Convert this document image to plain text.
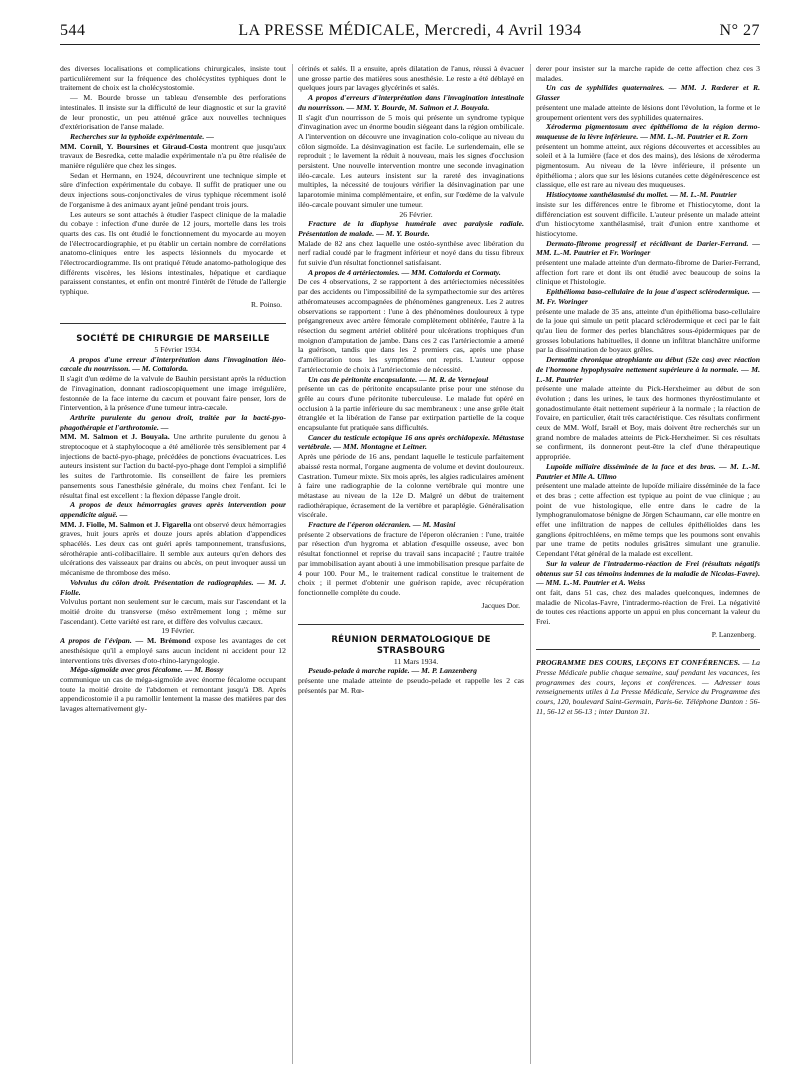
544	LA PRESSE MÉDICALE, Mercredi, 4 Avril 1934	N° 27

des diverses localisations et complications chirurgicales, insiste tout particulièrement sur la fréquence des cholécystites typhiques dont le traitement de choix est la cholécystostomie.

— M. Bourde brosse un tableau d'ensemble des perforations intestinales. Il insiste sur la difficulté de leur diagnostic et sur la gravité de leur pronostic, un peu atténué grâce aux nouvelles techniques d'extériorisation de l'anse malade.

Recherches sur la typhoïde expérimentale. —

MM. Cornil, Y. Boursines et Giraud-Costa montrent que jusqu'aux travaux de Besredka, cette maladie expérimentale n'a pu être réalisée de manière régulière que chez les singes.

Sedan et Hermann, en 1924, découvrirent une technique simple et sûre d'infection expérimentale du cobaye. Il suffit de pratiquer une ou deux injections sous-conjonctivales de virus typhique récemment isolé de l'organisme à des animaux ayant jeûné pendant trois jours.

Les auteurs se sont attachés à étudier l'aspect clinique de la maladie du cobaye : infection d'une durée de 12 jours, mortelle dans les trois quarts des cas. Ils ont étudié le fonctionnement du myocarde au moyen de l'électrocardiographie, et pu établir un certain nombre de corrélations anatomo-cliniques entre les aspects lésionnels du myocarde et l'électrocardiogramme. Ils ont pratiqué l'étude anatomo-pathologique des différents viscères, les lésions intestinales, hépatique et cardiaque paraissent constantes, et enfin ont montré l'intérêt de l'étude de l'allergie typhique.

R. Poinso.
SOCIÉTÉ DE CHIRURGIE DE MARSEILLE

5 Février 1934.

A propos d'une erreur d'interprétation dans l'invagination iléo-cæcale du nourrisson. — M. Cottalorda.

Il s'agit d'un œdème de la valvule de Bauhin persistant après la réduction de l'invagination, donnant radioscopiquement une image irrégulière, festonnée de la face interne du cæcum et pouvant faire penser, lors de l'intervention, à la présence d'une tumeur intra-cæcale.

Arthrite purulente du genou droit, traitée par la bacté-pyo-phagothérapie et l'arthrotomie. —

MM. M. Salmon et J. Bouyala. Une arthrite purulente du genou à streptocoque et à staphylocoque a été améliorée très sensiblement par 4 injections de bacté-pyo-phage, précédées de ponctions évacuatrices. Les auteurs insistent sur l'action du bacté-pyo-phage dont l'emploi a simplifié les suites de l'arthrotomie. Ils conseillent de faire les premiers pansements sous l'anesthésie générale, du moins chez l'enfant. Ici le résultat final est excellent : la flexion dépasse l'angle droit.

A propos de deux hémorragies graves après intervention pour appendicite aiguë. —

MM. J. Fiolle, M. Salmon et J. Figarella ont observé deux hémorragies graves, huit jours après et douze jours après ablation d'appendices sphacélés. Les deux cas ont guéri après tamponnement, transfusions, sérothérapie anti-colibacillaire. Il semble aux auteurs qu'en dehors des ulcérations des vaisseaux par drains ou abcès, on peut invoquer aussi un mécanisme de thrombose des méso.

Volvulus du côlon droit. Présentation de radiographies. — M. J. Fiolle.

Volvulus portant non seulement sur le cæcum, mais sur l'ascendant et la moitié droite du transverse (méso extrêmement long ; même sur l'ascendant). Cette variété est rare, et diffère des volvulus cæcaux.

19 Février.

A propos de l'évipan. — M. Brémond expose les avantages de cet anesthésique qu'il a employé sans aucun incident ni accident pour 12 interventions très diverses d'oto-rhino-laryngologie.

Méga-sigmoïde avec gros fécalome. — M. Bossy

communique un cas de méga-sigmoïde avec énorme fécalome occupant toute la moitié droite de l'abdomen et remontant jusqu'à D8. Après appendicostomie il a pu ramollir lentement la masse des matières par des lavages alternativement gly-

cérinés et salés. Il a ensuite, après dilatation de l'anus, réussi à évacuer une grosse partie des matières sous anesthésie. Le reste a été déblayé en quelques jours par lavages glycérinés et salés.

A propos d'erreurs d'interprétation dans l'invagination intestinale du nourrisson. — MM. Y. Bourde, M. Salmon et J. Bouyala.

Il s'agit d'un nourrisson de 5 mois qui présente un syndrome typique d'invagination avec un énorme boudin siégeant dans la région ombilicale. A l'intervention on découvre une invagination colo-colique au niveau du côlon sigmoïde. La désinvagination est facile. Le surlendemain, elle se reproduit ; le lavement la réduit à nouveau, mais les signes d'occlusion persistent. Une nouvelle intervention montre une seconde invagination iléo-cæcale. Les auteurs insistent sur la rareté des invaginations multiples, la nécessité de toujours vérifier la désinvagination par une laparotomie minima complémentaire, et enfin, sur l'œdème de la valvule iléo-cæcale pouvant simuler une tumeur.

26 Février.

Fracture de la diaphyse humérale avec paralysie radiale. Présentation de malade. — M. Y. Bourde.

Malade de 82 ans chez laquelle une ostéo-synthèse avec libération du nerf radial coudé par le fragment inférieur et noyé dans du tissu fibreux fut suivie d'un résultat fonctionnel satisfaisant.

A propos de 4 artériectomies. — MM. Cottalorda et Cormaty.

De ces 4 observations, 2 se rapportent à des artériectomies nécessitées par des accidents ou l'impossibilité de la sympathectomie sur des artères athéromateuses accompagnées de phénomènes gangreneux. Les 2 autres observations se rapportent : l'une à des phénomènes douloureux à type prégangreneux avec artère fémorale complètement oblitérée, l'autre à la résection du segment artériel oblitéré pour ulcérations trophiques d'un moignon d'amputation de jambe. Dans ces 2 cas l'artériectomie a amené la guérison, tandis que dans les 2 premiers cas, après une phase d'amélioration tous les symptômes ont repris. L'auteur oppose l'artériectomie de choix à l'artériectomie de nécessité.

Un cas de péritonite encapsulante. — M. R. de Vernejoul

présente un cas de péritonite encapsulante prise pour une sténose du grêle au cours d'une péritonite tuberculeuse. Le malade fut opéré en occlusion à la partie inférieure du sac membraneux : une anse grêle était étranglée et la libération de l'anse par extirpation partielle de la coque encapsulante fut pratiquée sans difficultés.

Cancer du testicule ectopique 16 ans après orchidopexie. Métastase vertébrale. — MM. Montagne et Leitner.

Après une période de 16 ans, pendant laquelle le testicule parfaitement abaissé resta normal, l'organe augmenta de volume et devint douloureux. Castration. Tumeur mixte. Six mois après, les algies radiculaires amènent à faire une radiographie de la colonne vertébrale qui montre une métastase au niveau de la 12e D. Malgré un début de traitement radiothérapique, écrasement de la vertèbre et paraplégie. Généralisation viscérale.

Fracture de l'éperon olécranien. — M. Masini

présente 2 observations de fracture de l'éperon olécranien : l'une, traitée par résection d'un hygroma et ablation d'esquille osseuse, avec bon résultat fonctionnel et reprise du travail sans incapacité ; l'autre traitée par immobilisation ayant abouti à une immobilisation presque parfaite de 4 pour 100. Pour M., le traitement radical constitue le traitement de choix ; il permet d'obtenir une guérison rapide, avec récupération fonctionnelle complète du coude.

Jacques Dor.
RÉUNION DERMATOLOGIQUE DE STRASBOURG

11 Mars 1934.

Pseudo-pelade à marche rapide. — M. P. Lanzenberg

présente une malade atteinte de pseudo-pelade et rappelle les 2 cas présentés par M. Rœ-

derer pour insister sur la marche rapide de cette affection chez ces 3 malades.

Un cas de syphilides quaternaires. — MM. J. Rœderer et R. Glasser

présentent une malade atteinte de lésions dont l'évolution, la forme et le groupement orientent vers des syphilides quaternaires.

Xéroderma pigmentosum avec épithélioma de la région dermo-muqueuse de la lèvre inférieure. — MM. L.-M. Pautrier et R. Zorn

présentent un homme atteint, aux régions découvertes et accessibles au soleil et à la lumière (face et dos des mains), des lésions de xéroderma pigmentosum. Au niveau de la lèvre inférieure, il présente un épithélioma ; alors que sur les lésions cutanées cette dégénérescence est classique, elle est rare au niveau des muqueuses.

Histiocytome xanthélasmisé du mollet. — M. L.-M. Pautrier

insiste sur les différences entre le fibrome et l'histiocytome, dont la différenciation est souvent difficile. L'auteur présente un malade atteint d'un histiocytome xanthélasmisé, trait d'union entre xanthome et histiocytome.

Dermato-fibrome progressif et récidivant de Darier-Ferrand. — MM. L.-M. Pautrier et Fr. Woringer

présentent une malade atteinte d'un dermato-fibrome de Darier-Ferrand, affection fort rare et dont ils ont étudié avec beaucoup de soins la clinique et l'histologie.

Epithélioma baso-cellulaire de la joue d'aspect sclérodermique. — M. Fr. Woringer

présente une malade de 35 ans, atteinte d'un épithélioma baso-cellulaire de la joue qui simule un petit placard sclérodermique et ceci par le fait qu'au lieu de former des perles blanchâtres sous-épidermiques par de grosses lobulations habituelles, il donne un infiltrat blanchâtre uniforme par la dissémination de boyaux grêles.

Dermatite chronique atrophiante au début (52e cas) avec réaction de l'hormone hypophysaire nettement supérieure à la normale. — M. L.-M. Pautrier

présente une malade atteinte du Pick-Herxheimer au début de son évolution ; dans les urines, le taux des hormones thyréostimulante et gonadostimulante était nettement supérieur à la normale ; la réaction de l'ovaire, en particulier, était très caractéristique. Ces résultats confirment ceux de MM. Wolf, Israël et Boy, mais doivent être recherchés sur un grand nombre de malades atteints de Pick-Herxheimer. Si ces résultats se confirment, ils donneront peut-être la clef d'une thérapeutique appropriée.

Lupoïde miliaire disséminée de la face et des bras. — M. L.-M. Pautrier et Mlle A. Ullmo

présentent une malade atteinte de lupoïde miliaire disséminée de la face et des bras ; cette affection est typique au point de vue clinique ; au point de vue histologique, elle entre dans le cadre de la lymphogranulomatose bénigne de Jörgen Schaumann, car elle montre en effet une infiltration de nappes de cellules épithélioïdes dans les ganglions épitrochléens, en même temps que les poumons sont envahis par une trame de petits nodules grisâtres simulant une granulie. Cependant l'état général de la malade est excellent.

Sur la valeur de l'intradermo-réaction de Frei (résultats négatifs obtenus sur 51 cas témoins indemnes de la maladie de Nicolas-Favre). — MM. L.-M. Pautrier et A. Weiss

ont fait, dans 51 cas, chez des malades quelconques, indemnes de maladie de Nicolas-Favre, l'intradermo-réaction de Frei. La négativité de toutes ces réactions apporte un appui en plus concernant la valeur du Frei.

P. Lanzenberg.
PROGRAMME DES COURS, LEÇONS ET CONFÉRENCES. — La Presse Médicale publie chaque semaine, sauf pendant les vacances, les programmes des cours, leçons et conférences. — Adresser tous renseignements utiles à La Presse Médicale, Service du Programme des cours, 120, boulevard Saint-Germain, Paris-6e. Téléphone Danton : 56-11, 56-12 et 56-13 ; inter Danton 31.
